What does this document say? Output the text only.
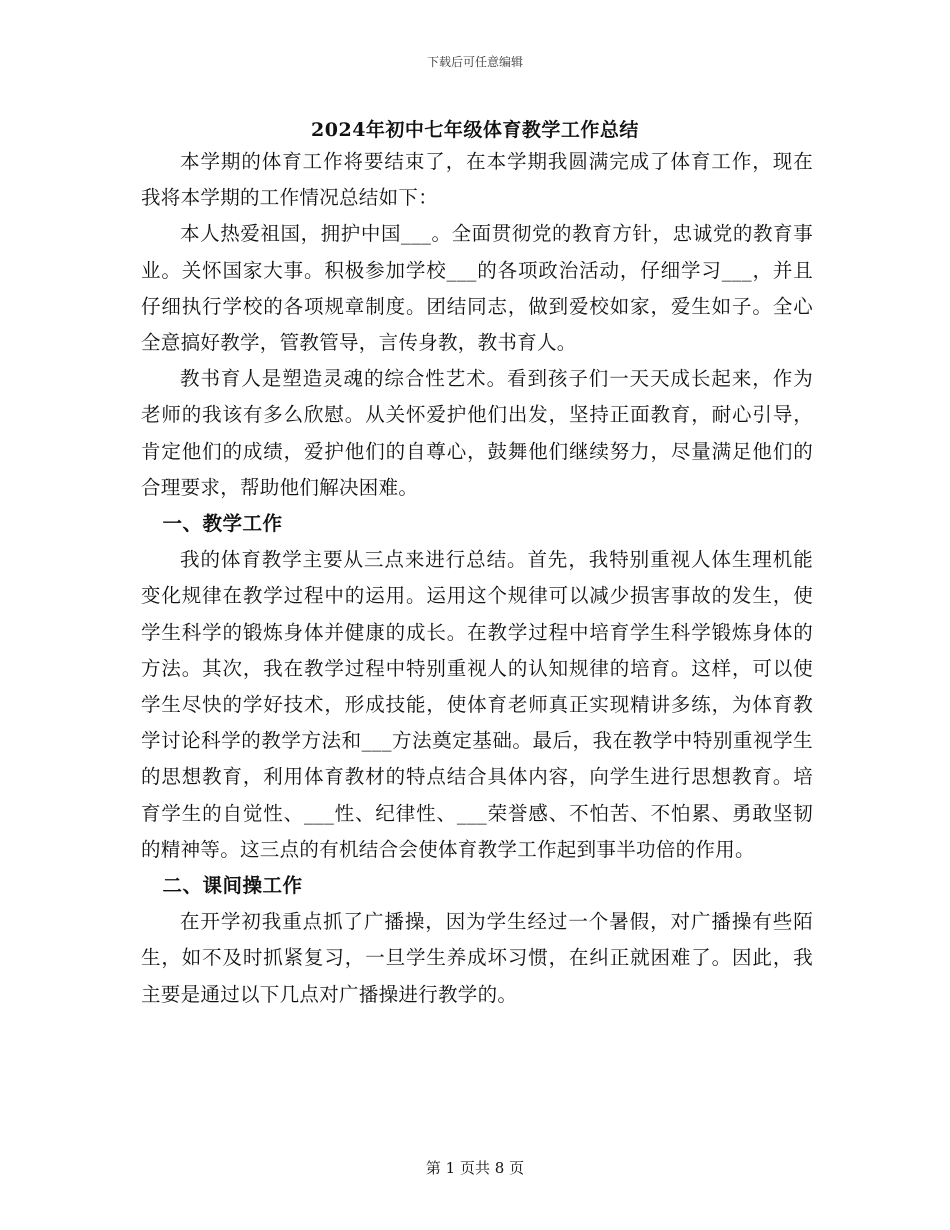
下载后可任意编辑
2024年初中七年级体育教学工作总结

本学期的体育工作将要结束了，在本学期我圆满完成了体育工作，现在我将本学期的工作情况总结如下：

本人热爱祖国，拥护中国___。全面贯彻党的教育方针，忠诚党的教育事业。关怀国家大事。积极参加学校___的各项政治活动，仔细学习___，并且仔细执行学校的各项规章制度。团结同志，做到爱校如家，爱生如子。全心全意搞好教学，管教管导，言传身教，教书育人。

教书育人是塑造灵魂的综合性艺术。看到孩子们一天天成长起来，作为老师的我该有多么欣慰。从关怀爱护他们出发，坚持正面教育，耐心引导，肯定他们的成绩，爱护他们的自尊心，鼓舞他们继续努力，尽量满足他们的合理要求，帮助他们解决困难。

一、教学工作

我的体育教学主要从三点来进行总结。首先，我特别重视人体生理机能变化规律在教学过程中的运用。运用这个规律可以减少损害事故的发生，使学生科学的锻炼身体并健康的成长。在教学过程中培育学生科学锻炼身体的方法。其次，我在教学过程中特别重视人的认知规律的培育。这样，可以使学生尽快的学好技术，形成技能，使体育老师真正实现精讲多练，为体育教学讨论科学的教学方法和___方法奠定基础。最后，我在教学中特别重视学生的思想教育，利用体育教材的特点结合具体内容，向学生进行思想教育。培育学生的自觉性、___性、纪律性、___荣誉感、不怕苦、不怕累、勇敢坚韧的精神等。这三点的有机结合会使体育教学工作起到事半功倍的作用。

二、课间操工作

在开学初我重点抓了广播操，因为学生经过一个暑假，对广播操有些陌生，如不及时抓紧复习，一旦学生养成坏习惯，在纠正就困难了。因此，我主要是通过以下几点对广播操进行教学的。

第 1 页共 8 页
